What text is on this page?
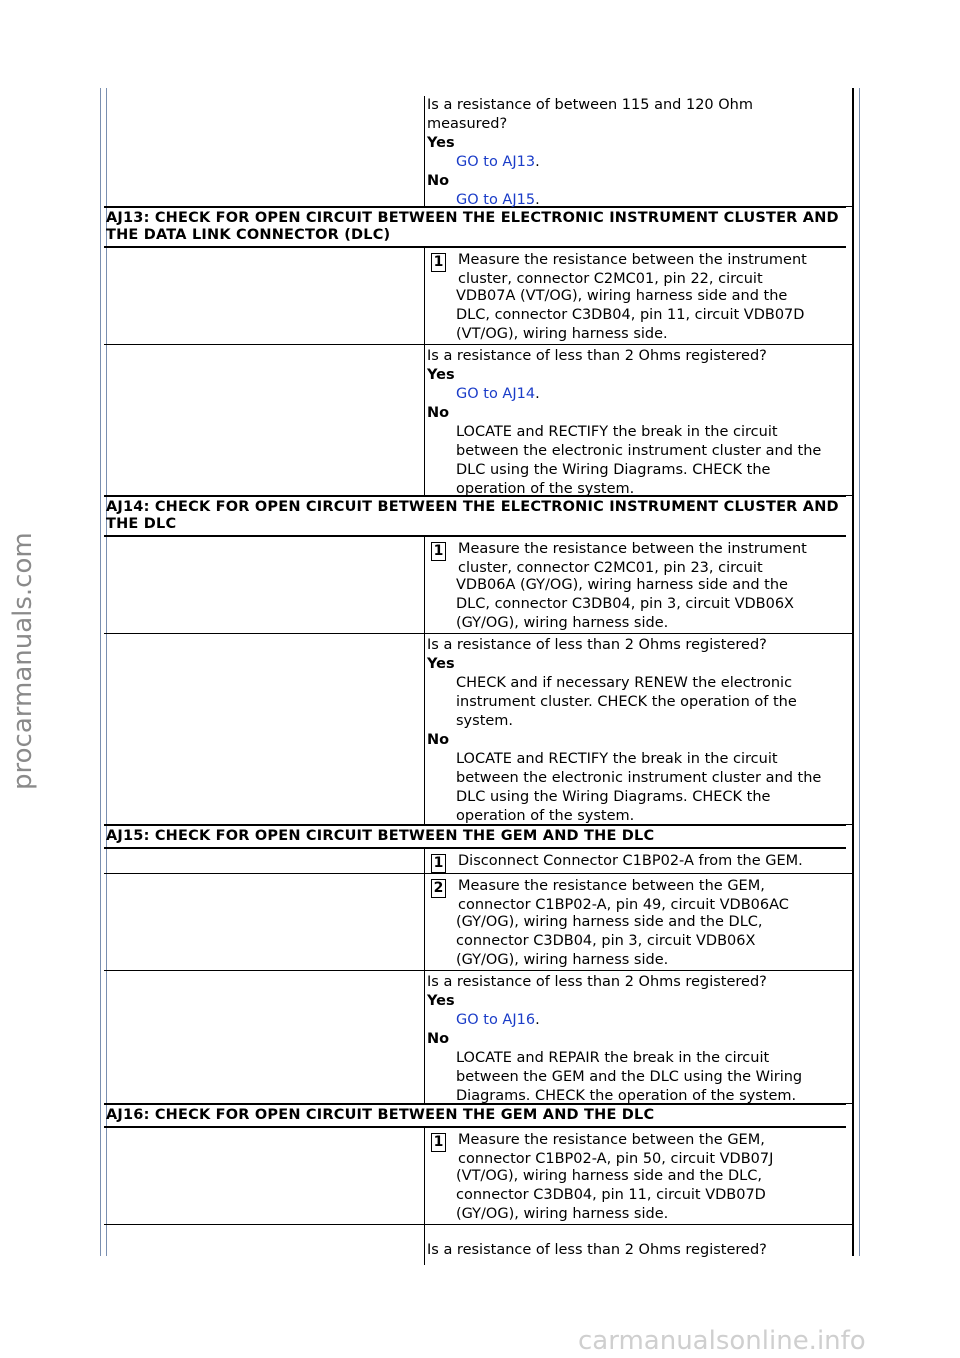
Is a resistance of between 115 and 120 Ohm
measured?
Yes
GO to AJ13.
No
GO to AJ15.
AJ13: CHECK FOR OPEN CIRCUIT BETWEEN THE ELECTRONIC INSTRUMENT CLUSTER AND THE DATA LINK CONNECTOR (DLC)
1 Measure the resistance between the instrument
cluster, connector C2MC01, pin 22, circuit
VDB07A (VT/OG), wiring harness side and the
DLC, connector C3DB04, pin 11, circuit VDB07D
(VT/OG), wiring harness side.
Is a resistance of less than 2 Ohms registered?
Yes
GO to AJ14.
No
LOCATE and RECTIFY the break in the circuit
between the electronic instrument cluster and the
DLC using the Wiring Diagrams. CHECK the
operation of the system.
AJ14: CHECK FOR OPEN CIRCUIT BETWEEN THE ELECTRONIC INSTRUMENT CLUSTER AND THE DLC
1 Measure the resistance between the instrument
cluster, connector C2MC01, pin 23, circuit
VDB06A (GY/OG), wiring harness side and the
DLC, connector C3DB04, pin 3, circuit VDB06X
(GY/OG), wiring harness side.
Is a resistance of less than 2 Ohms registered?
Yes
CHECK and if necessary RENEW the electronic
instrument cluster. CHECK the operation of the
system.
No
LOCATE and RECTIFY the break in the circuit
between the electronic instrument cluster and the
DLC using the Wiring Diagrams. CHECK the
operation of the system.
AJ15: CHECK FOR OPEN CIRCUIT BETWEEN THE GEM AND THE DLC
1 Disconnect Connector C1BP02-A from the GEM.
2 Measure the resistance between the GEM,
connector C1BP02-A, pin 49, circuit VDB06AC
(GY/OG), wiring harness side and the DLC,
connector C3DB04, pin 3, circuit VDB06X
(GY/OG), wiring harness side.
Is a resistance of less than 2 Ohms registered?
Yes
GO to AJ16.
No
LOCATE and REPAIR the break in the circuit
between the GEM and the DLC using the Wiring
Diagrams. CHECK the operation of the system.
AJ16: CHECK FOR OPEN CIRCUIT BETWEEN THE GEM AND THE DLC
1 Measure the resistance between the GEM,
connector C1BP02-A, pin 50, circuit VDB07J
(VT/OG), wiring harness side and the DLC,
connector C3DB04, pin 11, circuit VDB07D
(GY/OG), wiring harness side.
Is a resistance of less than 2 Ohms registered?
procarmanuals.com
carmanualsonline.info
